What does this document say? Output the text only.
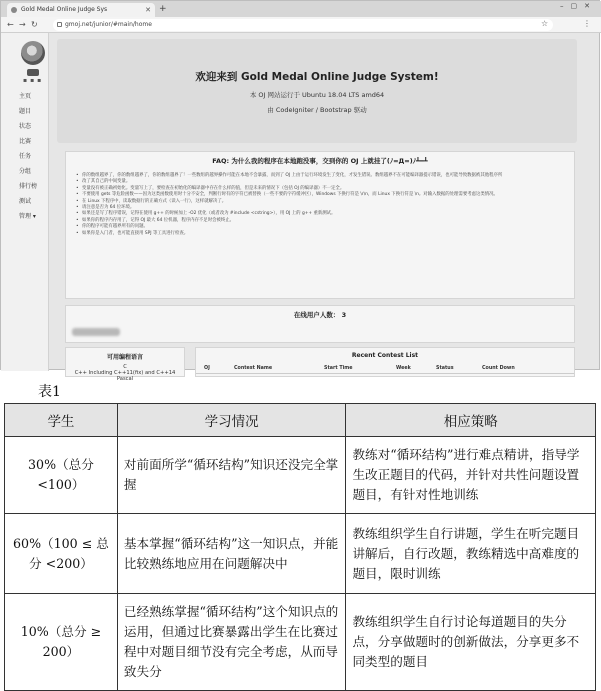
Gold Medal Online Judge Sys	✕ +	–▢✕
← → ↻	gmoj.net/junior/#main/home	☆	⋮
▪▪▪
主页
题目
状态
比赛
任务
分组
排行榜
测试
管理 ▾
欢迎来到 Gold Medal Online Judge System!
本 OJ 网站运行于 Ubuntu 18.04 LTS amd64
由 CodeIgniter / Bootstrap 驱动
FAQ: 为什么我的程序在本地跑没事，交到你的 OJ 上就挂了(ﾉ=Д=)ﾉ┻━┻
• 你的数组越界了，你的数组越界了，你的数组越界了！一些数组的越界操作可能在本地不会暴露，而到了 OJ 上由于运行环境发生了变化，才发生错误。数组越界不在可能编译器提示错误，也可能导致数据被其他程序所
• 改了其自己的中间变量。
• 变量没有被正确初始化。变量写上了，要检查在初始化的编译器中存在什么样的值，但是未来的情况下（包括 OJ 的编译器）不一定全。
• 不要使用 gets 等危险函数——因为这类函数使用时十分不安全，判断行时有的字符已被替换（一些不要的字符缓冲区），Windows 下换行符是 \r\n，而 Linux 下换行符是 \n。对输入数据的处理需要考虑这类情况。
• 在 Linux 下程序中，读取数据行的正确方式（读入一行），这样就解决了。
• 请注意是否为 64 位环境。
• 如果还是写了程序错误，记得在使用 g++ 的时候加上 -O2 优化（或者改为 #include <cstring>），用 OJ 上的 g++ 重新测试。
• 如果你的程序内存用了，记得 OJ 最大 64 位机器，程序内存不足时会被终止。
• 你的程序可能有越界所有的问题。
• 如果你是入门者，也可能直接用 SPJ 等工具进行检查。
在线用户人数： 3
可用编程语言
C
C++ Including C++11(fix) and C++14
Pascal
Recent Contest List
OJ	Contest Name	Start Time	Week	Status	Count Down
表1
学生	学习情况	相应策略
30%（总分<100）	对前面所学“循环结构”知识还没完全掌握	教练对“循环结构”进行难点精讲，指导学生改正题目的代码，并针对共性问题设置题目，有针对性地训练
60%（100 ≤ 总分 <200）	基本掌握“循环结构”这一知识点，并能比较熟练地应用在问题解决中	教练组织学生自行讲题，学生在听完题目讲解后，自行改题，教练精选中高难度的题目，限时训练
10%（总分 ≥ 200）	已经熟练掌握“循环结构”这个知识点的运用，但通过比赛暴露出学生在比赛过程中对题目细节没有完全考虑，从而导致失分	教练组织学生自行讨论每道题目的失分点，分享做题时的创新做法，分享更多不同类型的题目
